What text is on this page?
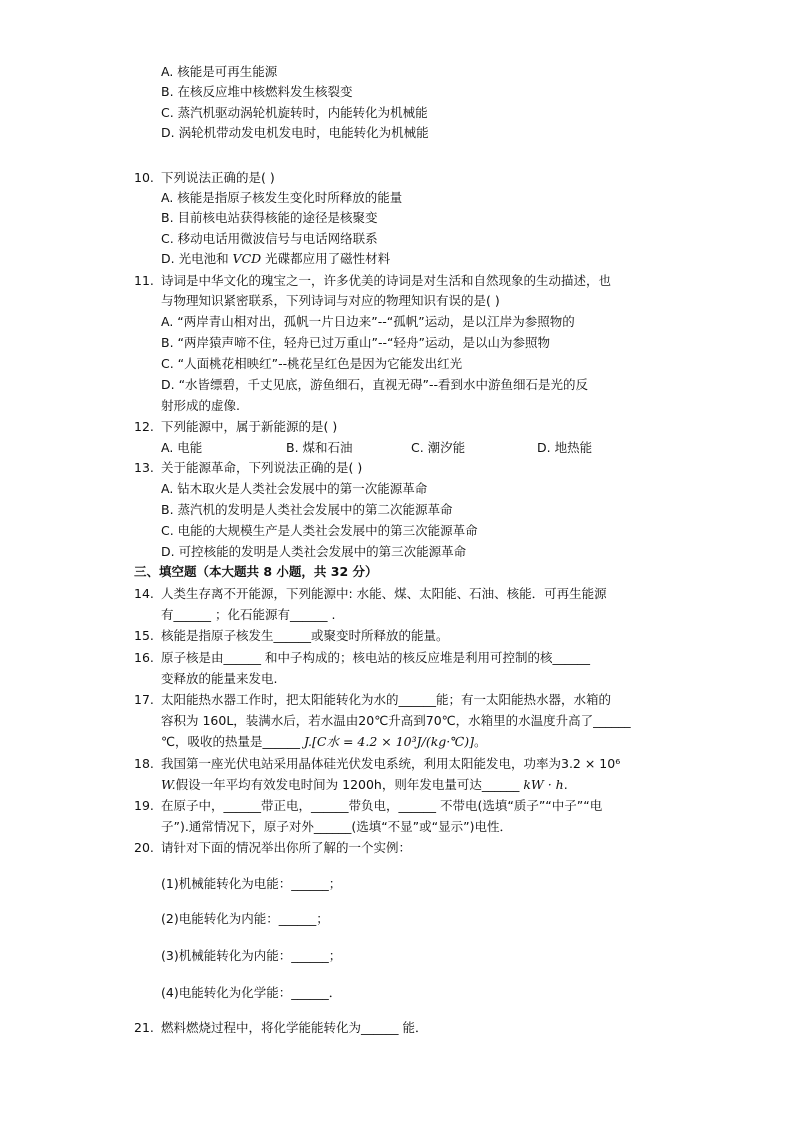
A. 核能是可再生能源
B. 在核反应堆中核燃料发生核裂变
C. 蒸汽机驱动涡轮机旋转时，内能转化为机械能
D. 涡轮机带动发电机发电时，电能转化为机械能
10. 下列说法正确的是( )
A. 核能是指原子核发生变化时所释放的能量
B. 目前核电站获得核能的途径是核聚变
C. 移动电话用微波信号与电话网络联系
D. 光电池和 VCD 光碟都应用了磁性材料
11. 诗词是中华文化的瑰宝之一，许多优美的诗词是对生活和自然现象的生动描述，也
与物理知识紧密联系，下列诗词与对应的物理知识有误的是( )
A. “两岸青山相对出，孤帆一片日边来”--“孤帆”运动，是以江岸为参照物的
B. “两岸猿声啼不住，轻舟已过万重山”--“轻舟”运动，是以山为参照物
C. “人面桃花相映红”--桃花呈红色是因为它能发出红光
D. “水皆缥碧，千丈见底，游鱼细石，直视无碍”--看到水中游鱼细石是光的反
射形成的虚像.
12. 下列能源中，属于新能源的是( )
A. 电能	B. 煤和石油	C. 潮汐能	D. 地热能
13. 关于能源革命，下列说法正确的是( )
A. 钻木取火是人类社会发展中的第一次能源革命
B. 蒸汽机的发明是人类社会发展中的第二次能源革命
C. 电能的大规模生产是人类社会发展中的第三次能源革命
D. 可控核能的发明是人类社会发展中的第三次能源革命
三、填空题（本大题共 8 小题，共 32 分）
14. 人类生存离不开能源，下列能源中: 水能、煤、太阳能、石油、核能．可再生能源
有______ ；化石能源有______ .
15. 核能是指原子核发生______或聚变时所释放的能量。
16. 原子核是由______ 和中子构成的；核电站的核反应堆是利用可控制的核______
变释放的能量来发电.
17. 太阳能热水器工作时，把太阳能转化为水的______能；有一太阳能热水器，水箱的
容积为 160L，装满水后，若水温由20℃升高到70℃，水箱里的水温度升高了______
℃，吸收的热量是______ J.[C水 = 4.2 × 10³J/(kg·℃)]。
18. 我国第一座光伏电站采用晶体硅光伏发电系统，利用太阳能发电，功率为3.2 × 10⁶
W.假设一年平均有效发电时间为 1200h，则年发电量可达______ kW · h.
19. 在原子中，______带正电，______带负电，______ 不带电(选填“质子”“中子”“电
子”).通常情况下，原子对外______(选填“不显”或“显示”)电性．
20. 请针对下面的情况举出你所了解的一个实例：
(1)机械能转化为电能：______；
(2)电能转化为内能：______；
(3)机械能转化为内能：______；
(4)电能转化为化学能：______．
21. 燃料燃烧过程中，将化学能能转化为______ 能．
